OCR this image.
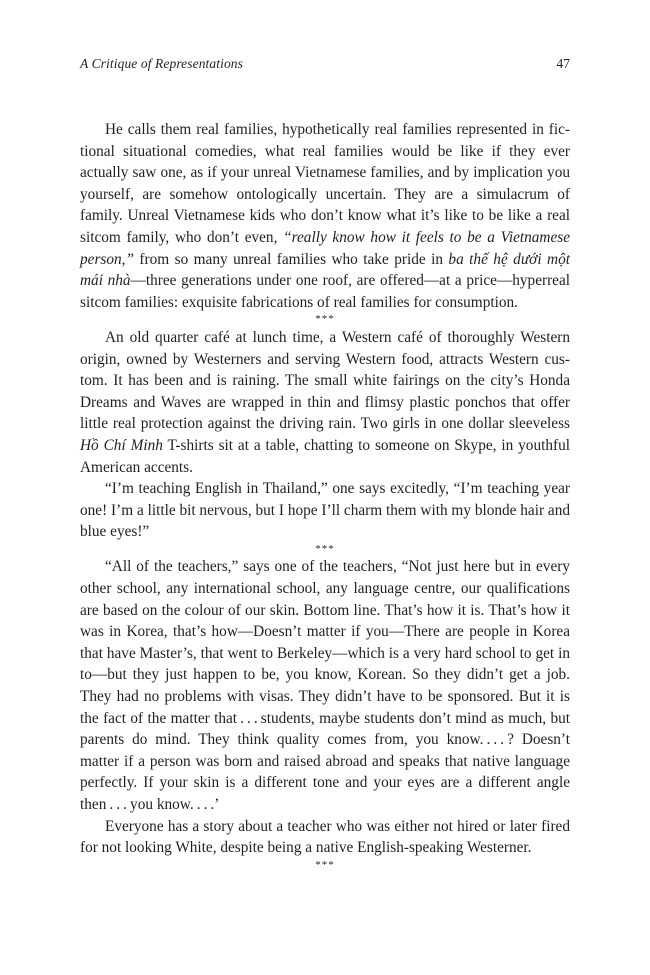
A Critique of Representations	47

He calls them real families, hypothetically real families represented in fictional situational comedies, what real families would be like if they ever actually saw one, as if your unreal Vietnamese families, and by implication you yourself, are somehow ontologically uncertain. They are a simulacrum of family. Unreal Vietnamese kids who don’t know what it’s like to be like a real sitcom family, who don’t even, “really know how it feels to be a Vietnamese person,” from so many unreal families who take pride in ba thế hệ dưới một mái nhà—three generations under one roof, are offered—at a price—hyperreal sitcom families: exquisite fabrications of real families for consumption.

***

An old quarter café at lunch time, a Western café of thoroughly Western origin, owned by Westerners and serving Western food, attracts Western custom. It has been and is raining. The small white fairings on the city’s Honda Dreams and Waves are wrapped in thin and flimsy plastic ponchos that offer little real protection against the driving rain. Two girls in one dollar sleeveless Hồ Chí Minh T-shirts sit at a table, chatting to someone on Skype, in youthful American accents.

“I’m teaching English in Thailand,” one says excitedly, “I’m teaching year one! I’m a little bit nervous, but I hope I’ll charm them with my blonde hair and blue eyes!”

***

“All of the teachers,” says one of the teachers, “Not just here but in every other school, any international school, any language centre, our qualifications are based on the colour of our skin. Bottom line. That’s how it is. That’s how it was in Korea, that’s how—Doesn’t matter if you—There are people in Korea that have Master’s, that went to Berkeley—which is a very hard school to get in to—but they just happen to be, you know, Korean. So they didn’t get a job. They had no problems with visas. They didn’t have to be sponsored. But it is the fact of the matter that . . . students, maybe students don’t mind as much, but parents do mind. They think quality comes from, you know. . . . ? Doesn’t matter if a person was born and raised abroad and speaks that native language perfectly. If your skin is a different tone and your eyes are a different angle then . . . you know. . . .’

Everyone has a story about a teacher who was either not hired or later fired for not looking White, despite being a native English-speaking Westerner.

***
